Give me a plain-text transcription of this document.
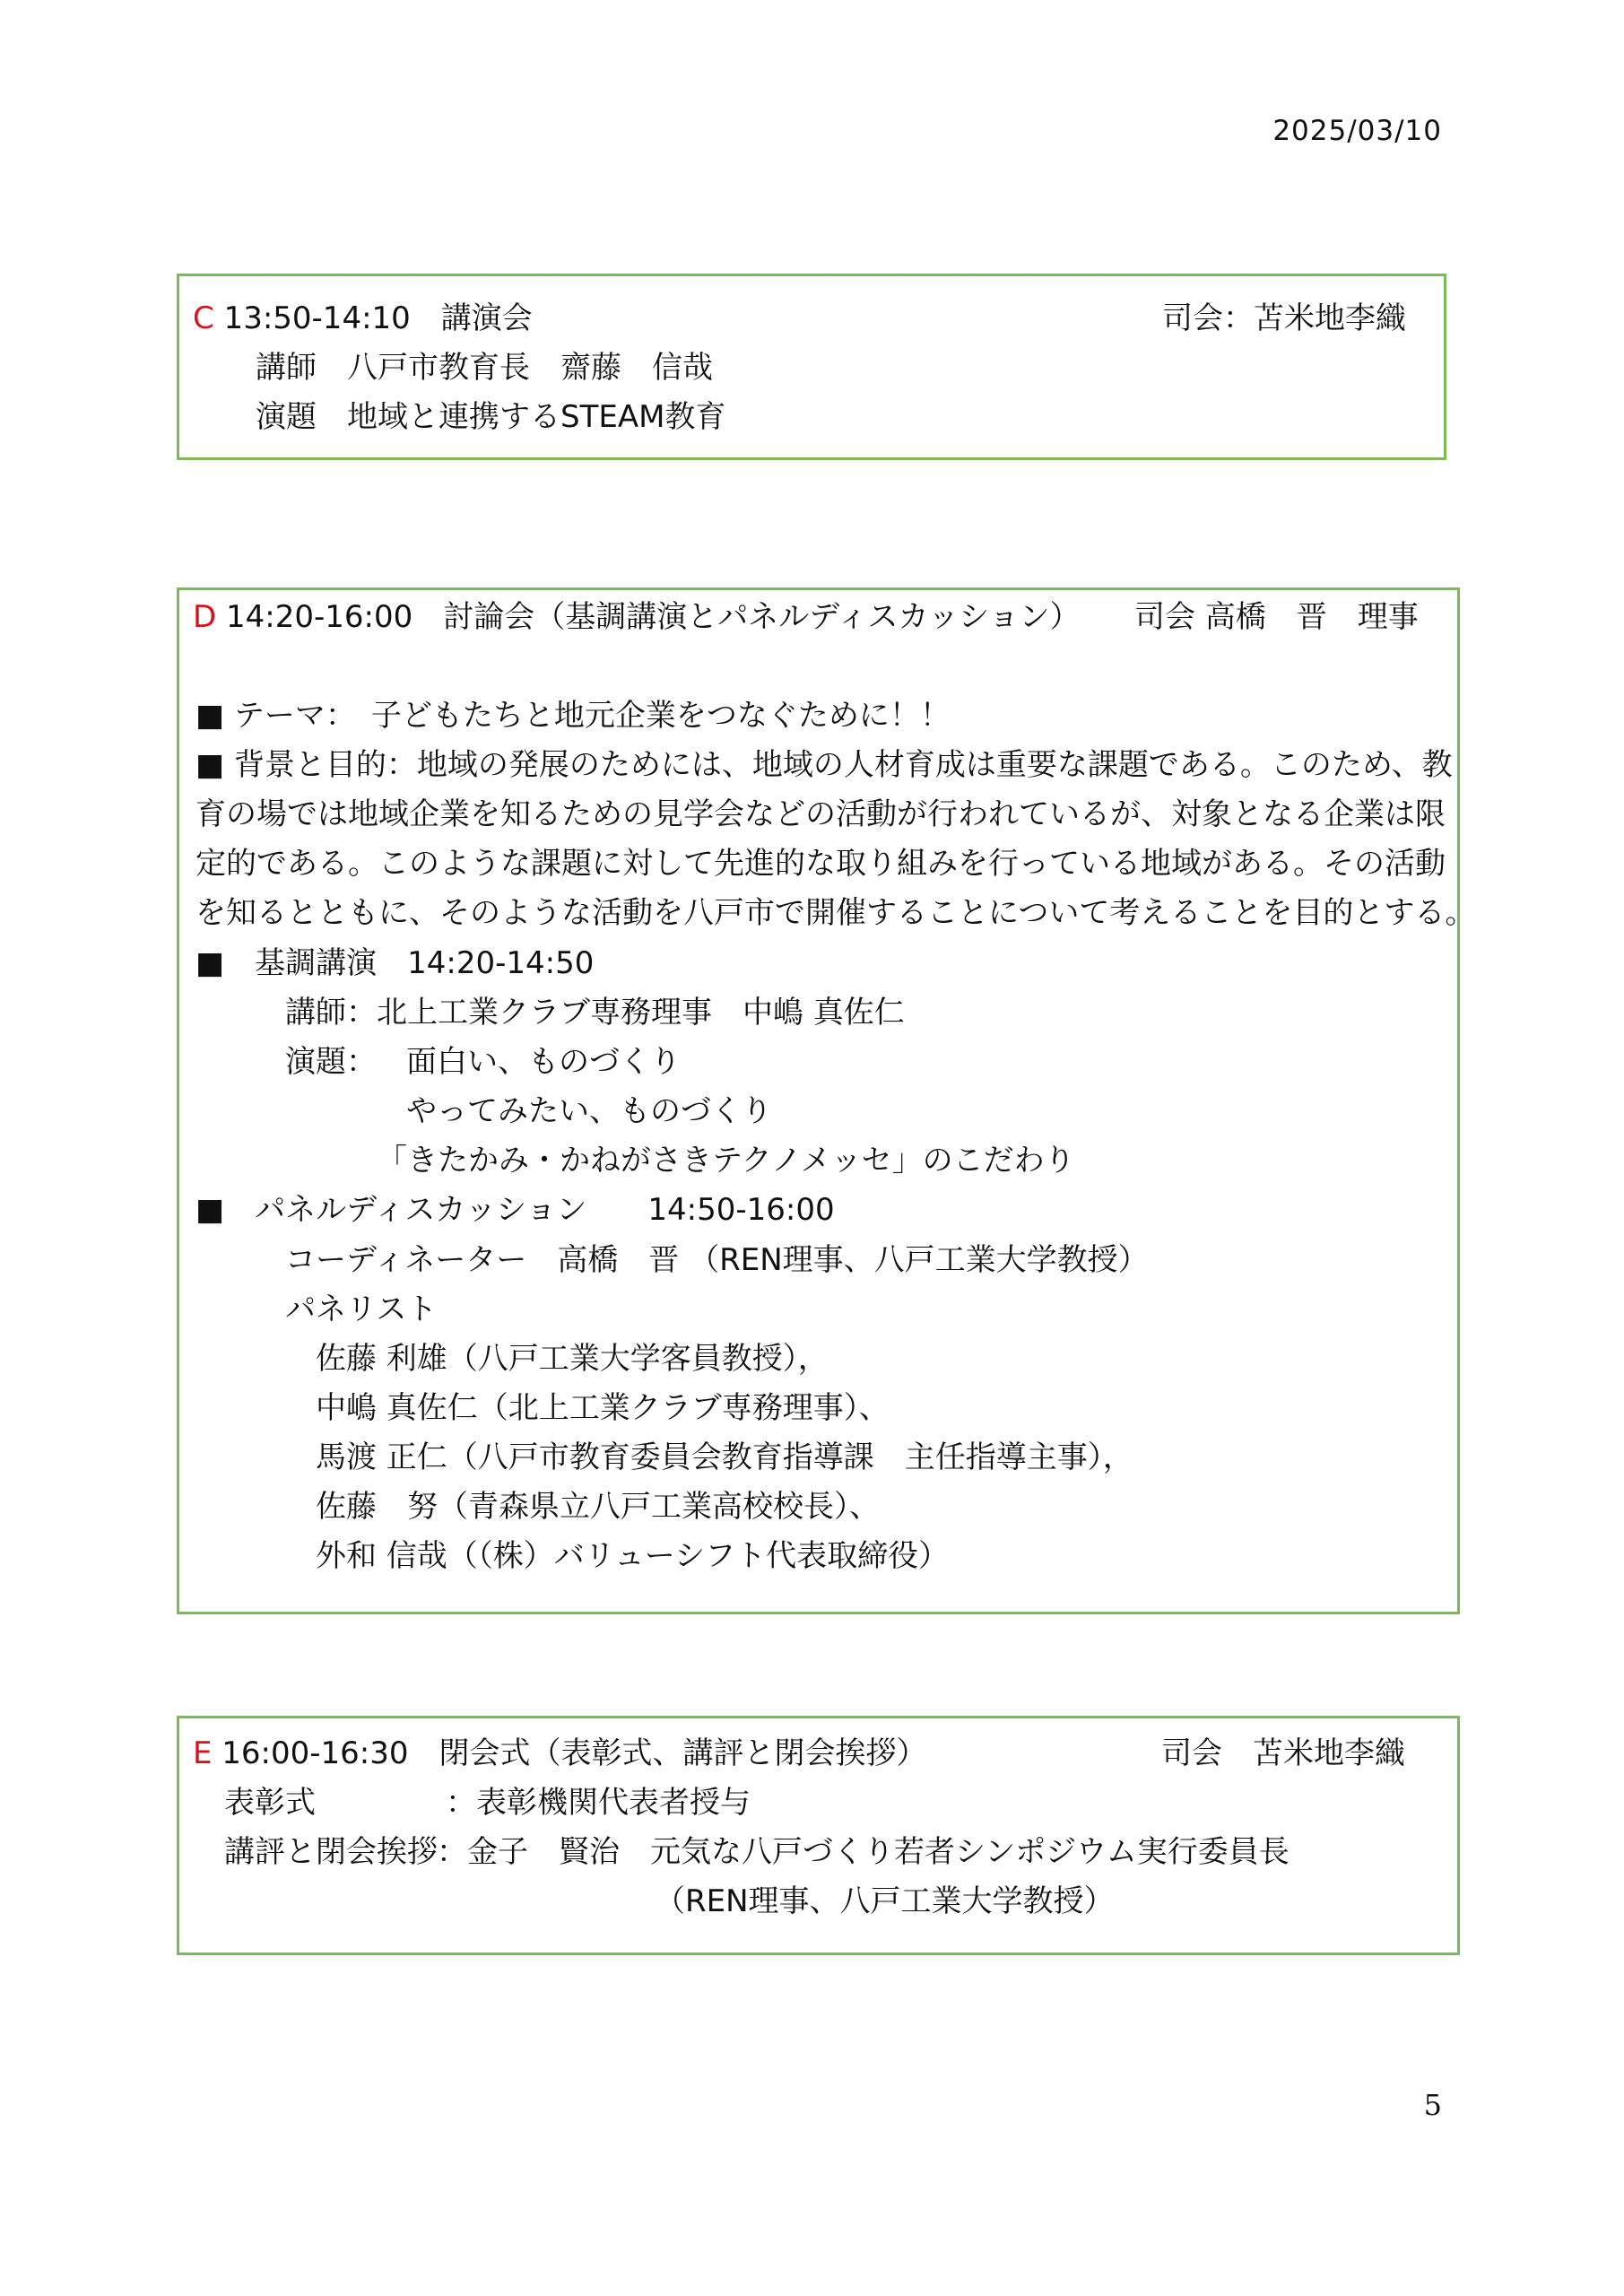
2025/03/10
C 13:50-14:10　講演会	司会：苫米地李織
講師　八戸市教育長　齋藤　信哉
演題　地域と連携するSTEAM教育
D 14:20-16:00　討論会（基調講演とパネルディスカッション） 司会 高橋　晋　理事
■ テーマ：　子どもたちと地元企業をつなぐために！！
■ 背景と目的：地域の発展のためには、地域の人材育成は重要な課題である。このため、教
育の場では地域企業を知るための見学会などの活動が行われているが、対象となる企業は限
定的である。このような課題に対して先進的な取り組みを行っている地域がある。その活動
を知るとともに、そのような活動を八戸市で開催することについて考えることを目的とする。
■　基調講演　14:20-14:50
講師：北上工業クラブ専務理事　中嶋 真佐仁
演題： 面白い、ものづくり
やってみたい、ものづくり
「きたかみ・かねがさきテクノメッセ」のこだわり
■　パネルディスカッション　　14:50-16:00
コーディネーター　高橋　晋 （REN理事、八戸工業大学教授）
パネリスト
佐藤 利雄（八戸工業大学客員教授），
中嶋 真佐仁（北上工業クラブ専務理事）、
馬渡 正仁（八戸市教育委員会教育指導課　主任指導主事），
佐藤　努（青森県立八戸工業高校校長）、
外和 信哉（（株）バリューシフト代表取締役）
E 16:00-16:30　閉会式（表彰式、講評と閉会挨拶）	司会　苫米地李織
表彰式	：表彰機関代表者授与
講評と閉会挨拶 ：金子　賢治　元気な八戸づくり若者シンポジウム実行委員長
（REN理事、八戸工業大学教授）
5
